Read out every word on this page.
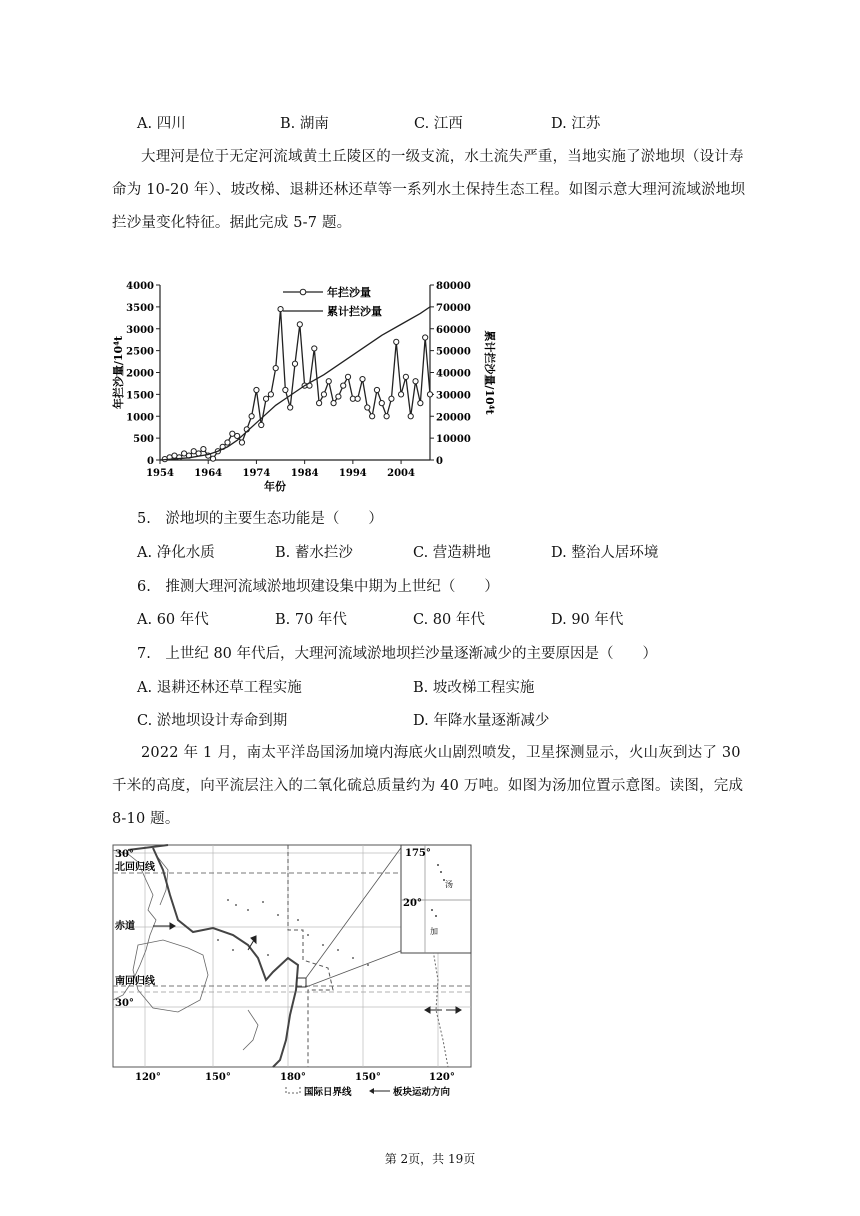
A. 四川	B. 湖南	C. 江西	D. 江苏
大理河是位于无定河流域黄土丘陵区的一级支流，水土流失严重，当地实施了淤地坝（设计寿命为 10-20 年）、坡改梯、退耕还林还草等一系列水土保持生态工程。如图示意大理河流域淤地坝拦沙量变化特征。据此完成 5-7 题。
0
500
1000
1500
2000
2500
3000
3500
4000
0
10000
20000
30000
40000
50000
60000
70000
80000
1954 1964 1974 1984 1994 2004
年份
年拦沙量/10⁴t	累计拦沙量/10⁴t
年拦沙量
累计拦沙量
5.　淤地坝的主要生态功能是（　　）
A. 净化水质	B. 蓄水拦沙	C. 营造耕地	D. 整治人居环境
6.　推测大理河流域淤地坝建设集中期为上世纪（　　）
A. 60 年代	B. 70 年代	C. 80 年代	D. 90 年代
7.　上世纪 80 年代后，大理河流域淤地坝拦沙量逐渐减少的主要原因是（　　）
A. 退耕还林还草工程实施	B. 坡改梯工程实施
C. 淤地坝设计寿命到期	D. 年降水量逐渐减少
2022 年 1 月，南太平洋岛国汤加境内海底火山剧烈喷发，卫星探测显示，火山灰到达了 30 千米的高度，向平流层注入的二氧化硫总质量约为 40 万吨。如图为汤加位置示意图。读图，完成 8-10 题。
175°
20°
汤
加
30°
北回归线
赤道
南回归线
30°
120°	150°	180°	150°	120°
国际日界线	板块运动方向
第 2页，共 19页
